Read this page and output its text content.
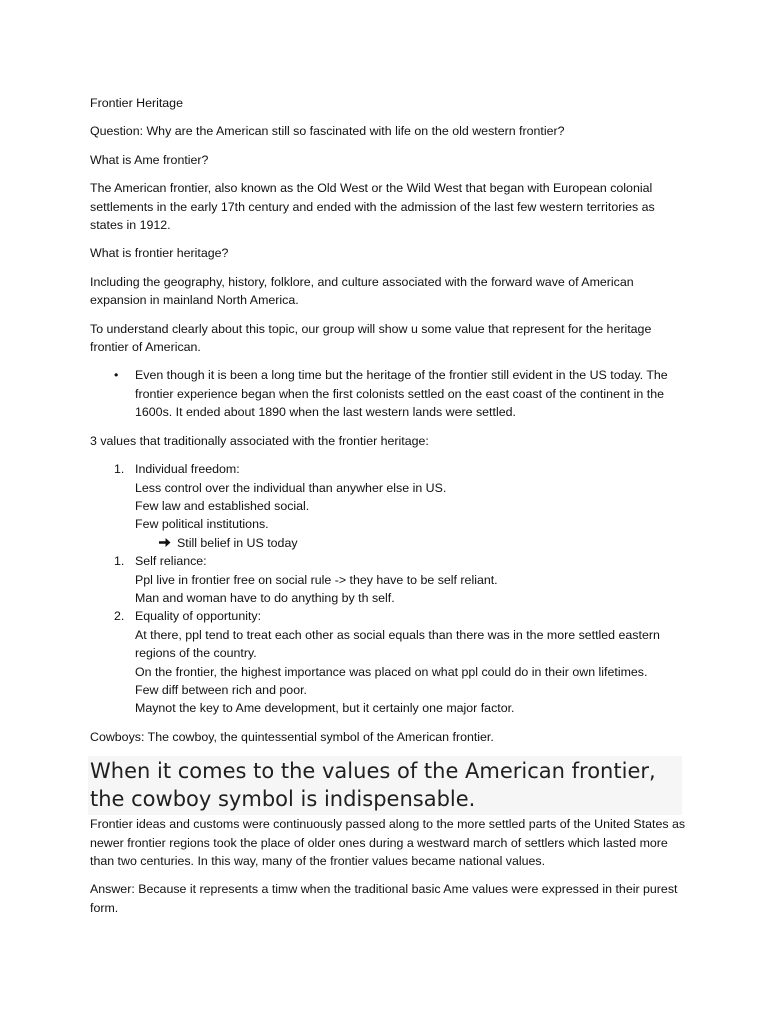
Frontier Heritage

Question: Why are the American still so fascinated with life on the old western frontier?

What is Ame frontier?

The American frontier, also known as the Old West or the Wild West that began with European colonial settlements in the early 17th century and ended with the admission of the last few western territories as states in 1912.

What is frontier heritage?

Including the geography, history, folklore, and culture associated with the forward wave of American expansion in mainland North America.

To understand clearly about this topic, our group will show u some value that represent for the heritage frontier of American.

• Even though it is been a long time but the heritage of the frontier still evident in the US today. The frontier experience began when the first colonists settled on the east coast of the continent in the 1600s. It ended about 1890 when the last western lands were settled.

3 values that traditionally associated with the frontier heritage:

1. Individual freedom:
Less control over the individual than anywher else in US.
Few law and established social.
Few political institutions.
Still belief in US today
1. Self reliance:
Ppl live in frontier free on social rule -> they have to be self reliant.
Man and woman have to do anything by th self.
2. Equality of opportunity:
At there, ppl tend to treat each other as social equals than there was in the more settled eastern regions of the country.
On the frontier, the highest importance was placed on what ppl could do in their own lifetimes.
Few diff between rich and poor.
Maynot the key to Ame development, but it certainly one major factor.

Cowboys: The cowboy, the quintessential symbol of the American frontier.

When it comes to the values of the American frontier, the cowboy symbol is indispensable.

Frontier ideas and customs were continuously passed along to the more settled parts of the United States as newer frontier regions took the place of older ones during a westward march of settlers which lasted more than two centuries. In this way, many of the frontier values became national values.

Answer: Because it represents a timw when the traditional basic Ame values were expressed in their purest form.
